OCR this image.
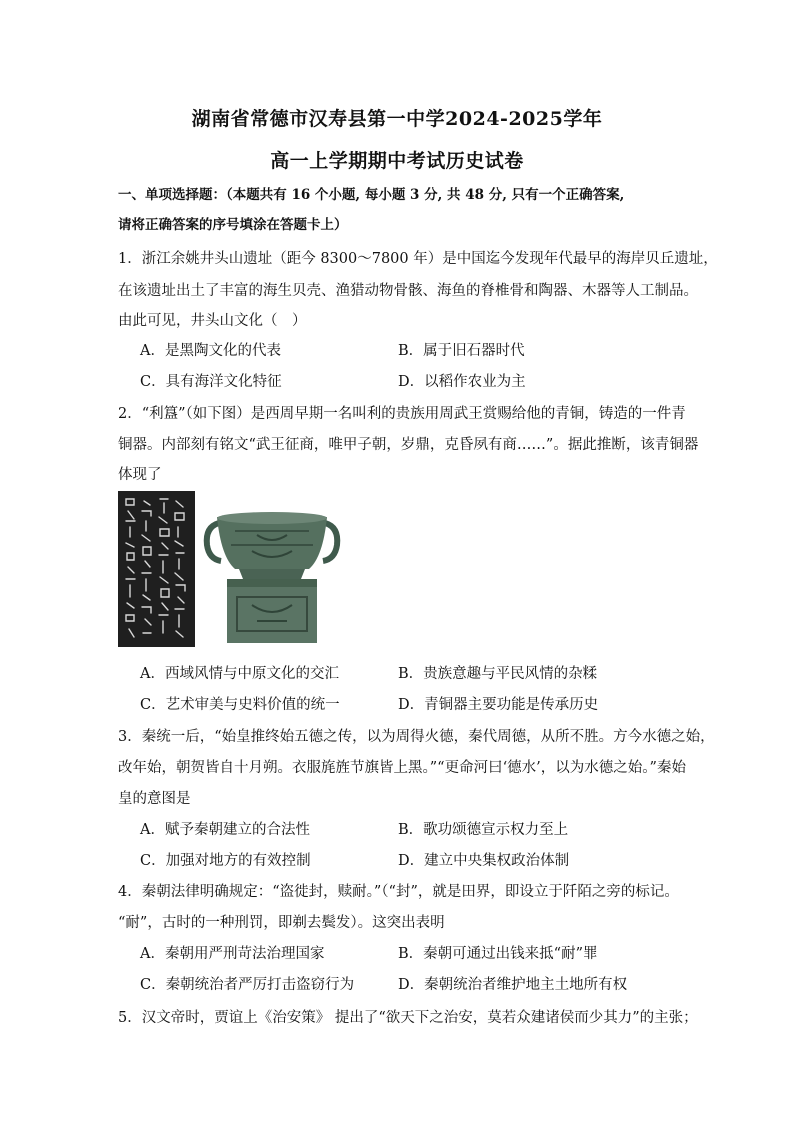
湖南省常德市汉寿县第一中学2024-2025学年
高一上学期期中考试历史试卷
一、单项选择题：（本题共有 16 个小题, 每小题 3 分, 共 48 分, 只有一个正确答案,
请将正确答案的序号填涂在答题卡上）
1．浙江余姚井头山遗址（距今 8300～7800 年）是中国迄今发现年代最早的海岸贝丘遗址，
在该遗址出土了丰富的海生贝壳、渔猎动物骨骸、海鱼的脊椎骨和陶器、木器等人工制品。
由此可见，井头山文化（　）
A．是黑陶文化的代表	B．属于旧石器时代
C．具有海洋文化特征	D．以稻作农业为主
2．“利簋”（如下图）是西周早期一名叫利的贵族用周武王赏赐给他的青铜，铸造的一件青
铜器。内部刻有铭文“武王征商，唯甲子朝，岁鼎，克昏夙有商……”。据此推断，该青铜器
体现了
A．西域风情与中原文化的交汇	B．贵族意趣与平民风情的杂糅
C．艺术审美与史料价值的统一	D．青铜器主要功能是传承历史
3．秦统一后，“始皇推终始五德之传，以为周得火德，秦代周德，从所不胜。方今水德之始，
改年始，朝贺皆自十月朔。衣服旄旌节旗皆上黑。”“更命河曰‘德水’，以为水德之始。”秦始
皇的意图是
A．赋予秦朝建立的合法性	B．歌功颂德宣示权力至上
C．加强对地方的有效控制	D．建立中央集权政治体制
4．秦朝法律明确规定：“盗徙封，赎耐。”（“封”，就是田界，即设立于阡陌之旁的标记。
“耐”，古时的一种刑罚，即剃去鬓发）。这突出表明
A．秦朝用严刑苛法治理国家	B．秦朝可通过出钱来抵“耐”罪
C．秦朝统治者严厉打击盗窃行为	D．秦朝统治者维护地主土地所有权
5．汉文帝时，贾谊上《治安策》 提出了“欲天下之治安，莫若众建诸侯而少其力”的主张；
